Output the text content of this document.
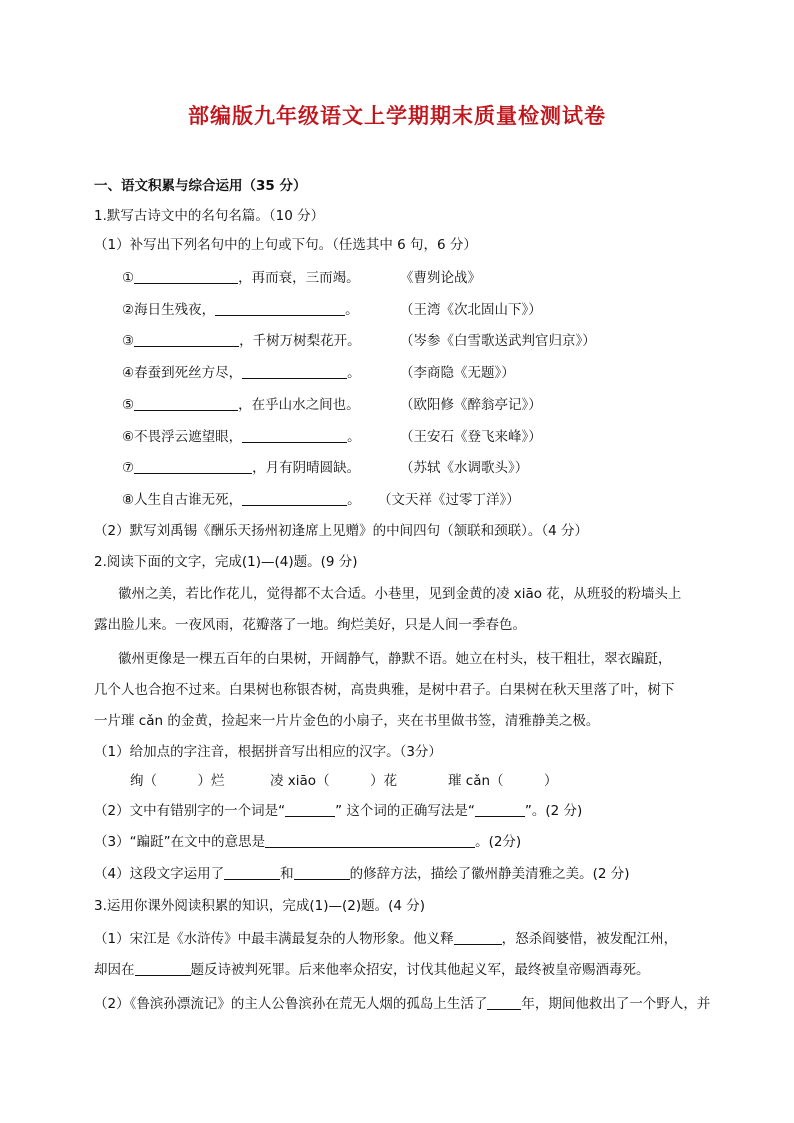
部编版九年级语文上学期期末质量检测试卷
一、语文积累与综合运用（35 分）
1.默写古诗文中的名句名篇。（10 分）
（1）补写出下列名句中的上句或下句。（任选其中 6 句，6 分）
①	，再而衰，三而竭。	《曹刿论战》
②海日生残夜，	。	（王湾《次北固山下》）
③	，千树万树梨花开。	（岑参《白雪歌送武判官归京》）
④春蚕到死丝方尽，	。	（李商隐《无题》）
⑤	，在乎山水之间也。	（欧阳修《醉翁亭记》）
⑥不畏浮云遮望眼，	。	（王安石《登飞来峰》）
⑦	，月有阴晴圆缺。	（苏轼《水调歌头》）
⑧人生自古谁无死，	。 （文天祥《过零丁洋》）
（2）默写刘禹锡《酬乐天扬州初逢席上见赠》的中间四句（颔联和颈联）。（4 分）
2.阅读下面的文字，完成(1)—(4)题。(9 分)
徽州之美，若比作花儿，觉得都不太合适。小巷里，见到金黄的凌 xiāo 花，从班驳的粉墙头上
露出脸儿来。一夜风雨，花瓣落了一地。绚烂美好，只是人间一季春色。
徽州更像是一棵五百年的白果树，开阔静气，静默不语。她立在村头，枝干粗壮，翠衣蹁跹，
几个人也合抱不过来。白果树也称银杏树，高贵典雅，是树中君子。白果树在秋天里落了叶，树下
一片璀 cǎn 的金黄，捡起来一片片金色的小扇子，夹在书里做书签，清雅静美之极。
（1）给加点的字注音，根据拼音写出相应的汉字。（3分）
绚（　　　）烂	凌 xiāo（　　　）花	璀 cǎn（　　　）
（2）文中有错别字的一个词是“	” 这个词的正确写法是“	”。(2 分)
（3）“蹁跹”在文中的意思是	。(2分)
（4）这段文字运用了	和	的修辞方法，描绘了徽州静美清雅之美。(2 分)
3.运用你课外阅读积累的知识，完成(1)—(2)题。(4 分)
（1）宋江是《水浒传》中最丰满最复杂的人物形象。他义释	，怒杀阎婆惜，被发配江州，
却因在	题反诗被判死罪。后来他率众招安，讨伐其他起义军，最终被皇帝赐酒毒死。
（2）《鲁滨孙漂流记》的主人公鲁滨孙在荒无人烟的孤岛上生活了	年，期间他救出了一个野人，并
